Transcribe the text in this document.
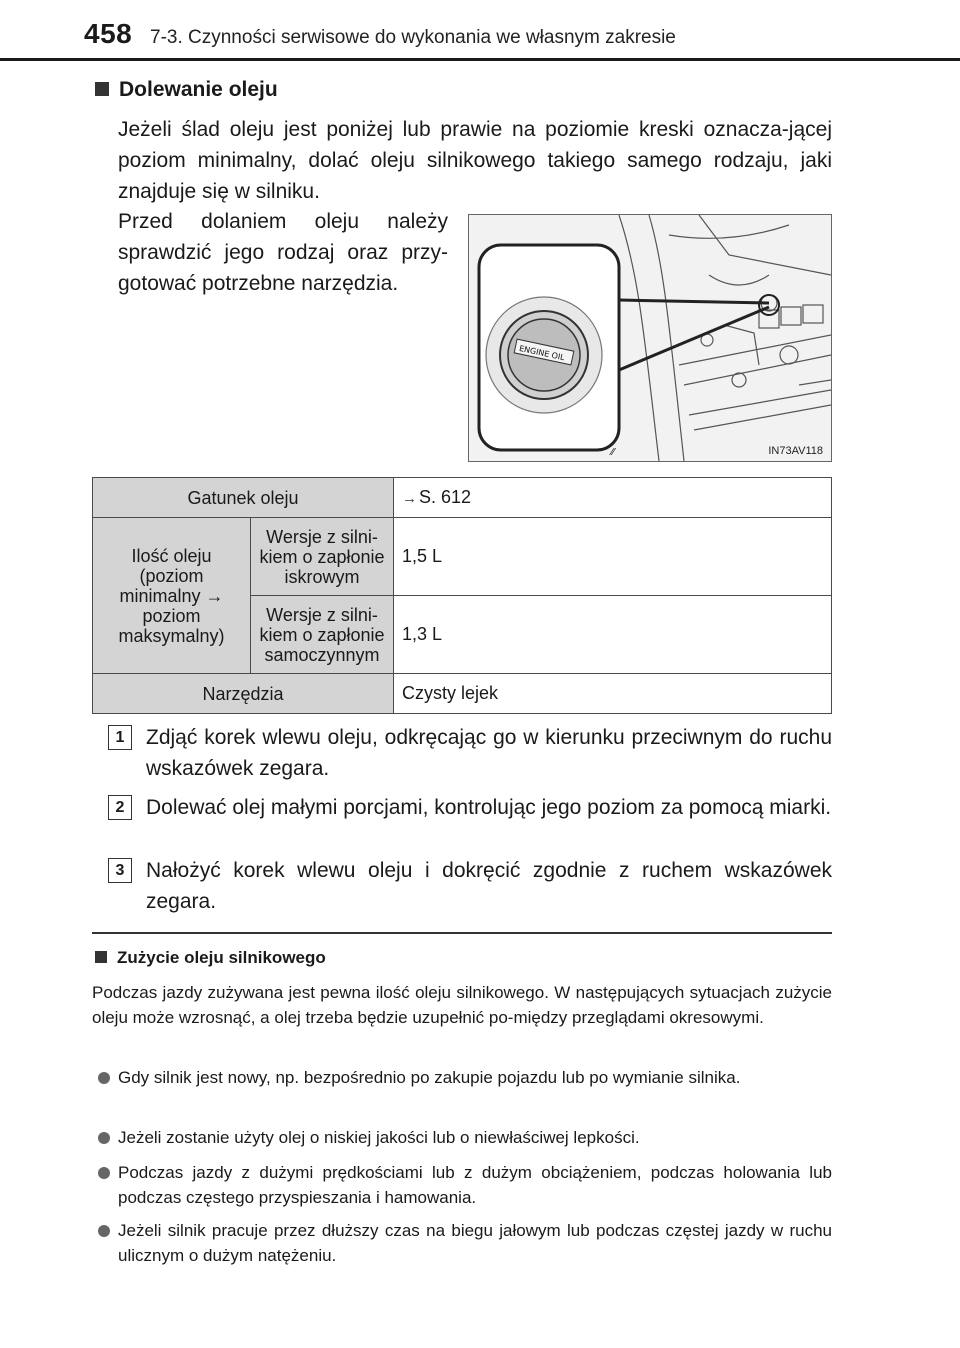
458 7-3. Czynności serwisowe do wykonania we własnym zakresie
Dolewanie oleju
Jeżeli ślad oleju jest poniżej lub prawie na poziomie kreski oznacza-jącej poziom minimalny, dolać oleju silnikowego takiego samego rodzaju, jaki znajduje się w silniku.
Przed dolaniem oleju należy sprawdzić jego rodzaj oraz przy-gotować potrzebne narzędzia.
ENGINE OIL
⁄⁄	IN73AV118
Gatunek oleju		→ S. 612
Ilość oleju (poziom minimalny → poziom maksymalny)	Wersje z silni-kiem o zapłonie iskrowym	1,5 L
	Wersje z silni-kiem o zapłonie samoczynnym	1,3 L
Narzędzia		Czysty lejek
1	Zdjąć korek wlewu oleju, odkręcając go w kierunku przeciwnym do ruchu wskazówek zegara.
2	Dolewać olej małymi porcjami, kontrolując jego poziom za pomocą miarki.
3	Nałożyć korek wlewu oleju i dokręcić zgodnie z ruchem wskazówek zegara.
Zużycie oleju silnikowego
Podczas jazdy zużywana jest pewna ilość oleju silnikowego. W następujących sytuacjach zużycie oleju może wzrosnąć, a olej trzeba będzie uzupełnić po-między przeglądami okresowymi.
Gdy silnik jest nowy, np. bezpośrednio po zakupie pojazdu lub po wymianie silnika.
Jeżeli zostanie użyty olej o niskiej jakości lub o niewłaściwej lepkości.
Podczas jazdy z dużymi prędkościami lub z dużym obciążeniem, podczas holowania lub podczas częstego przyspieszania i hamowania.
Jeżeli silnik pracuje przez dłuższy czas na biegu jałowym lub podczas częstej jazdy w ruchu ulicznym o dużym natężeniu.
